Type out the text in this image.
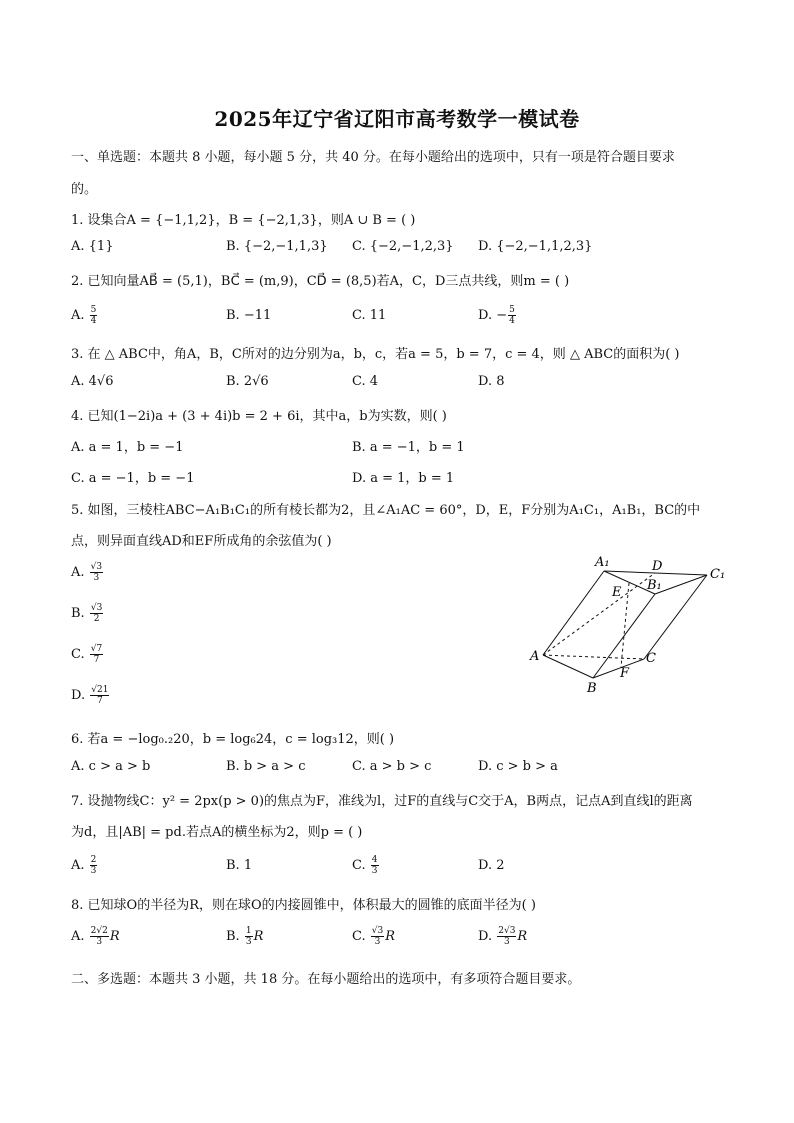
2025年辽宁省辽阳市高考数学一模试卷
一、单选题：本题共 8 小题，每小题 5 分，共 40 分。在每小题给出的选项中，只有一项是符合题目要求
的。
1. 设集合A = {−1,1,2}，B = {−2,1,3}，则A ∪ B = ( )
A. {1}	B. {−2,−1,1,3} C. {−2,−1,2,3} D. {−2,−1,1,2,3}
2. 已知向量AB⃗ = (5,1)，BC⃗ = (m,9)，CD⃗ = (8,5)若A，C，D三点共线，则m = ( )
A. $\frac{5}{4}$	B. −11	C. 11	D. − $\frac{5}{4}$
3. 在 △ ABC中，角A，B，C所对的边分别为a，b，c，若a = 5，b = 7，c = 4，则 △ ABC的面积为( )
A. 4√6	B. 2√6	C. 4	D. 8
4. 已知(1−2i)a + (3 + 4i)b = 2 + 6i，其中a，b为实数，则( )
A. a = 1，b = −1	B. a = −1，b = 1
C. a = −1，b = −1	D. a = 1，b = 1
5. 如图，三棱柱ABC−A₁B₁C₁的所有棱长都为2，且∠A₁AC = 60°，D，E，F分别为A₁C₁，A₁B₁，BC的中
点，则异面直线AD和EF所成角的余弦值为( )
A. $\frac{√3}{3}$
B. $\frac{√3}{2}$
C. $\frac{√7}{7}$
D. $\frac{√21}{7}$
A₁	D
C₁
E B₁
A	C
F
B
6. 若a = −log₀.₂20，b = log₆24，c = log₃12，则( )
A. c > a > b	B. b > a > c	C. a > b > c	D. c > b > a
7. 设抛物线C：y² = 2px(p > 0)的焦点为F，准线为l，过F的直线与C交于A，B两点，记点A到直线l的距离
为d，且|AB| = pd.若点A的横坐标为2，则p = ( )
A. $\frac{2}{3}$	B. 1	C. $\frac{4}{3}$	D. 2
8. 已知球O的半径为R，则在球O的内接圆锥中，体积最大的圆锥的底面半径为( )
A. $\frac{2√2}{3}$ R	B. $\frac{1}{3}$ R	C. $\frac{√3}{3}$ R	D. $\frac{2√3}{3}$ R
二、多选题：本题共 3 小题，共 18 分。在每小题给出的选项中，有多项符合题目要求。
